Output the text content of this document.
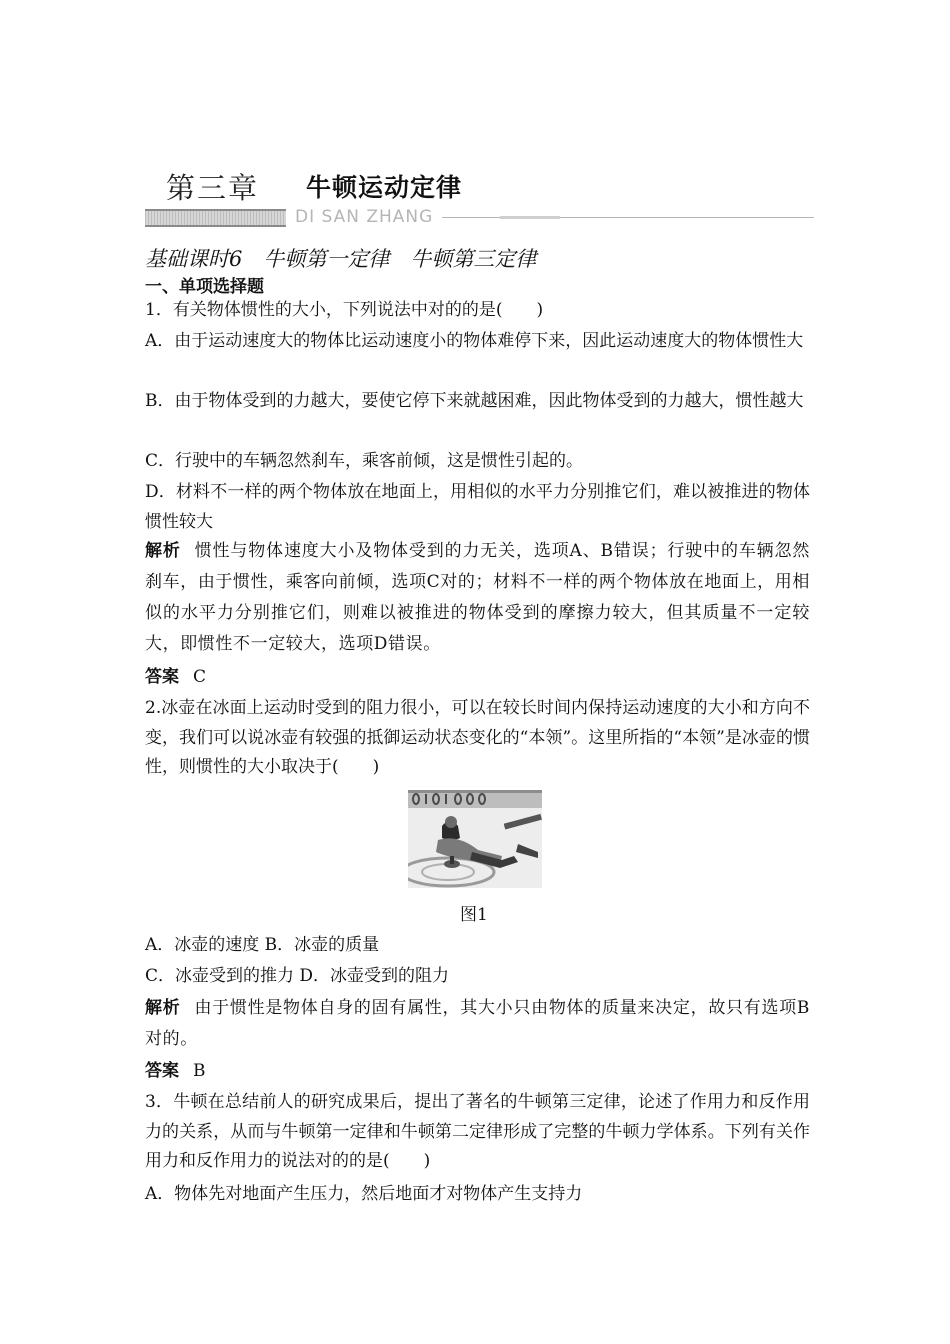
第三章 牛顿运动定律
DI SAN ZHANG
基础课时6　牛顿第一定律　牛顿第三定律
一、单项选择题
1．有关物体惯性的大小，下列说法中对的的是(　　)
A．由于运动速度大的物体比运动速度小的物体难停下来，因此运动速度大的物体惯性大
B．由于物体受到的力越大，要使它停下来就越困难，因此物体受到的力越大，惯性越大
C．行驶中的车辆忽然刹车，乘客前倾，这是惯性引起的。
D．材料不一样的两个物体放在地面上，用相似的水平力分别推它们，难以被推进的物体惯性较大
解析 惯性与物体速度大小及物体受到的力无关，选项A、B错误；行驶中的车辆忽然刹车，由于惯性，乘客向前倾，选项C对的；材料不一样的两个物体放在地面上，用相似的水平力分别推它们，则难以被推进的物体受到的摩擦力较大，但其质量不一定较大，即惯性不一定较大，选项D错误。
答案 C
2.冰壶在冰面上运动时受到的阻力很小，可以在较长时间内保持运动速度的大小和方向不变，我们可以说冰壶有较强的抵御运动状态变化的“本领”。这里所指的“本领”是冰壶的惯性，则惯性的大小取决于(　　)
图1
A．冰壶的速度 B．冰壶的质量
C．冰壶受到的推力 D．冰壶受到的阻力
解析 由于惯性是物体自身的固有属性，其大小只由物体的质量来决定，故只有选项B对的。
答案 B
3．牛顿在总结前人的研究成果后，提出了著名的牛顿第三定律，论述了作用力和反作用力的关系，从而与牛顿第一定律和牛顿第二定律形成了完整的牛顿力学体系。下列有关作用力和反作用力的说法对的的是(　　)
A．物体先对地面产生压力，然后地面才对物体产生支持力
